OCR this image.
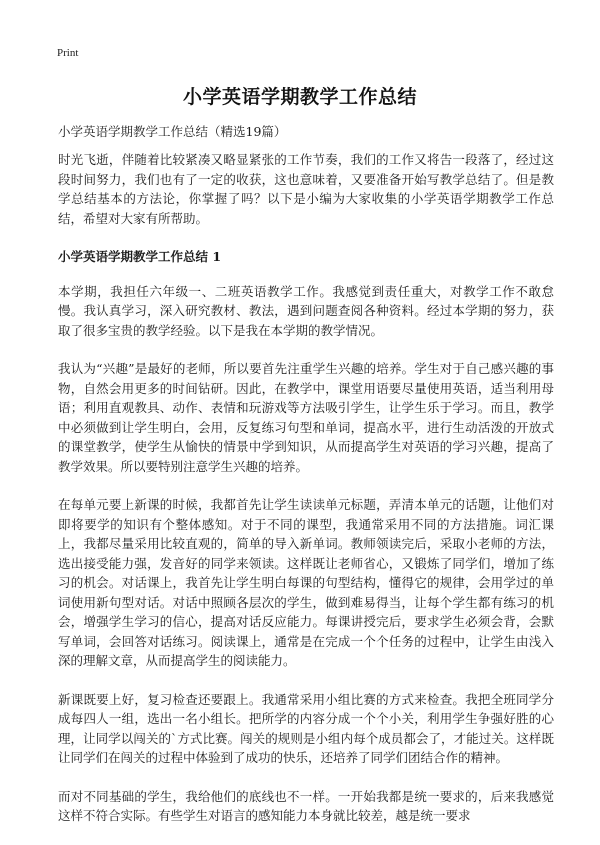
Print
小学英语学期教学工作总结
小学英语学期教学工作总结（精选19篇）

时光飞逝，伴随着比较紧凑又略显紧张的工作节奏，我们的工作又将告一段落了，经过这段时间努力，我们也有了一定的收获，这也意味着，又要准备开始写教学总结了。但是教学总结基本的方法论，你掌握了吗？以下是小编为大家收集的小学英语学期教学工作总结，希望对大家有所帮助。

小学英语学期教学工作总结 1

本学期，我担任六年级一、二班英语教学工作。我感觉到责任重大，对教学工作不敢怠慢。我认真学习，深入研究教材、教法，遇到问题查阅各种资料。经过本学期的努力，获取了很多宝贵的教学经验。以下是我在本学期的教学情况。

我认为“兴趣”是最好的老师，所以要首先注重学生兴趣的培养。学生对于自己感兴趣的事物，自然会用更多的时间钻研。因此，在教学中，课堂用语要尽量使用英语，适当利用母语；利用直观教具、动作、表情和玩游戏等方法吸引学生，让学生乐于学习。而且，教学中必须做到让学生明白，会用，反复练习句型和单词，提高水平，进行生动活泼的开放式的课堂教学，使学生从愉快的情景中学到知识，从而提高学生对英语的学习兴趣，提高了教学效果。所以要特别注意学生兴趣的培养。

在每单元要上新课的时候，我都首先让学生读读单元标题，弄清本单元的话题，让他们对即将要学的知识有个整体感知。对于不同的课型，我通常采用不同的方法措施。词汇课上，我都尽量采用比较直观的，简单的导入新单词。教师领读完后，采取小老师的方法，选出接受能力强，发音好的同学来领读。这样既让老师省心，又锻炼了同学们，增加了练习的机会。对话课上，我首先让学生明白每课的句型结构，懂得它的规律，会用学过的单词使用新句型对话。对话中照顾各层次的学生，做到难易得当，让每个学生都有练习的机会，增强学生学习的信心，提高对话反应能力。每课讲授完后，要求学生必须会背，会默写单词，会回答对话练习。阅读课上，通常是在完成一个个任务的过程中，让学生由浅入深的理解文章，从而提高学生的阅读能力。

新课既要上好，复习检查还要跟上。我通常采用小组比赛的方式来检查。我把全班同学分成每四人一组，选出一名小组长。把所学的内容分成一个个小关，利用学生争强好胜的心理，让同学以闯关的`方式比赛。闯关的规则是小组内每个成员都会了，才能过关。这样既让同学们在闯关的过程中体验到了成功的快乐，还培养了同学们团结合作的精神。

而对不同基础的学生，我给他们的底线也不一样。一开始我都是统一要求的，后来我感觉这样不符合实际。有些学生对语言的感知能力本身就比较差，越是统一要求
